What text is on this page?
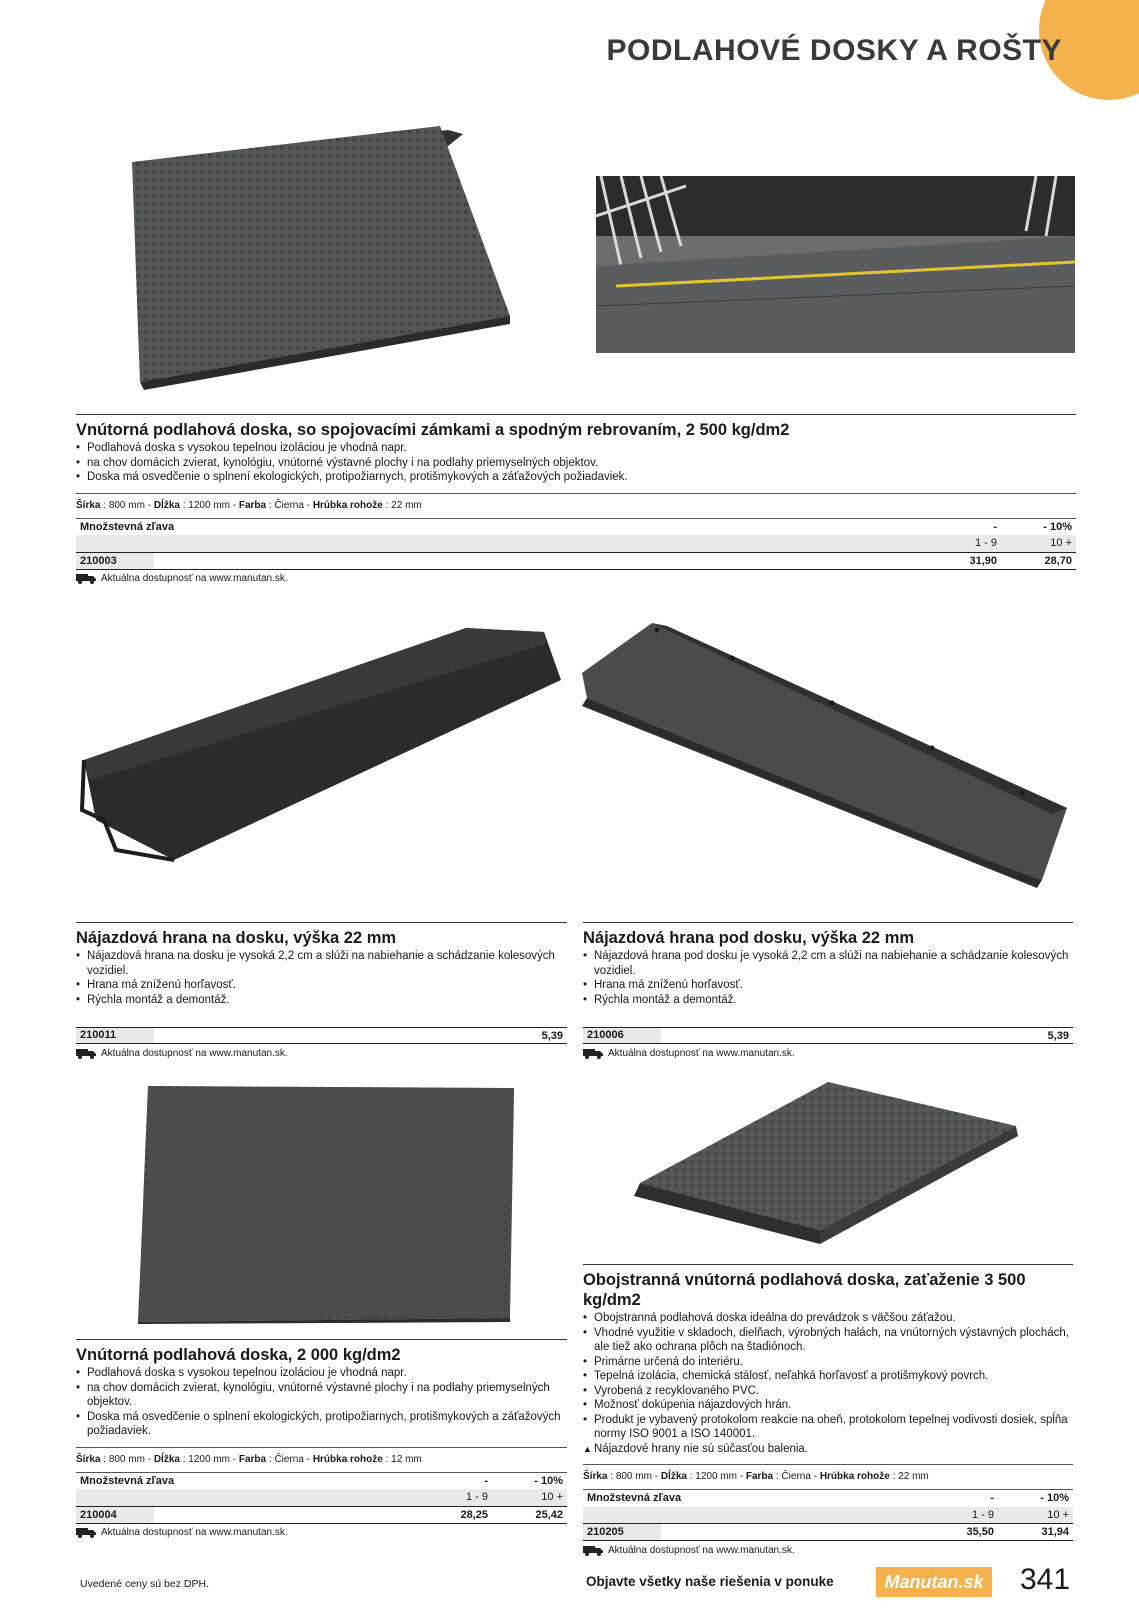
PODLAHOVÉ DOSKY A ROŠTY
Vnútorná podlahová doska, so spojovacími zámkami a spodným rebrovaním, 2 500 kg/dm2
• Podlahová doska s vysokou tepelnou izoláciou je vhodná napr.
• na chov domácich zvierat, kynológiu, vnútorné výstavné plochy i na podlahy priemyselných objektov.
• Doska má osvedčenie o splnení ekologických, protipožiarnych, protišmykových a záťažových požiadaviek.
Šírka : 800 mm - Dĺžka : 1200 mm - Farba : Čierna - Hrúbka rohože : 22 mm
Množstevná zľava		-	- 10%
		1 - 9	10 +
210003		31,90	28,70
Aktuálna dostupnosť na www.manutan.sk.
Nájazdová hrana na dosku, výška 22 mm
• Nájazdová hrana na dosku je vysoká 2,2 cm a slúži na nabiehanie a schádzanie kolesových vozidiel.
• Hrana má zníženú horľavosť.
• Rýchla montáž a demontáž.
210011	5,39
Aktuálna dostupnosť na www.manutan.sk.
Nájazdová hrana pod dosku, výška 22 mm
• Nájazdová hrana pod dosku je vysoká 2,2 cm a slúži na nabiehanie a schádzanie kolesových vozidiel.
• Hrana má zníženú horľavosť.
• Rýchla montáž a demontáž.
210006	5,39
Aktuálna dostupnosť na www.manutan.sk.
Vnútorná podlahová doska, 2 000 kg/dm2
• Podlahová doska s vysokou tepelnou izoláciou je vhodná napr.
• na chov domácich zvierat, kynológiu, vnútorné výstavné plochy i na podlahy priemyselných objektov.
• Doska má osvedčenie o splnení ekologických, protipožiarnych, protišmykových a záťažových požiadaviek.
Šírka : 800 mm - Dĺžka : 1200 mm - Farba : Čierna - Hrúbka rohože : 12 mm
Množstevná zľava		-	- 10%
		1 - 9	10 +
210004		28,25	25,42
Aktuálna dostupnosť na www.manutan.sk.
Obojstranná vnútorná podlahová doska, zaťaženie 3 500 kg/dm2
• Obojstranná podlahová doska ideálna do prevádzok s väčšou záťažou.
• Vhodné využitie v skladoch, dielňach, výrobných halách, na vnútorných výstavných plochách, ale tiež ako ochrana plôch na štadiónoch.
• Primárne určená do interiéru.
• Tepelná izolácia, chemická stálosť, neľahká horľavosť a protišmykový povrch.
• Vyrobená z recyklovaného PVC.
• Možnosť dokúpenia nájazdových hrán.
• Produkt je vybavený protokolom reakcie na oheň, protokolom tepelnej vodivosti dosiek, spĺňa normy ISO 9001 a ISO 140001.
▲ Nájazdové hrany nie sú súčasťou balenia.
Šírka : 800 mm - Dĺžka : 1200 mm - Farba : Čierna - Hrúbka rohože : 22 mm
Množstevná zľava		-	- 10%
		1 - 9	10 +
210205		35,50	31,94
Aktuálna dostupnosť na www.manutan.sk.
Uvedené ceny sú bez DPH.	Objavte všetky naše riešenia v ponuke	Manutan.sk 341
